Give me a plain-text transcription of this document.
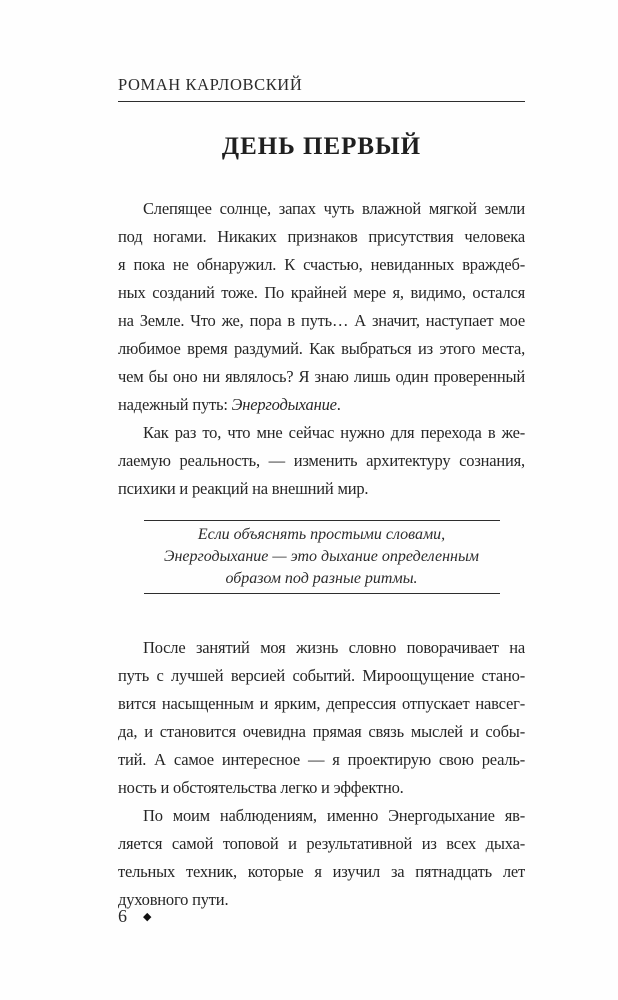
РОМАН КАРЛОВСКИЙ
ДЕНЬ ПЕРВЫЙ
Слепящее солнце, запах чуть влажной мягкой земли
под ногами. Никаких признаков присутствия человека
я пока не обнаружил. К счастью, невиданных враждеб-
ных созданий тоже. По крайней мере я, видимо, остался
на Земле. Что же, пора в путь… А значит, наступает мое
любимое время раздумий. Как выбраться из этого места,
чем бы оно ни являлось? Я знаю лишь один проверенный
надежный путь: Энергодыхание.
Как раз то, что мне сейчас нужно для перехода в же-
лаемую реальность, — изменить архитектуру сознания,
психики и реакций на внешний мир.
Если объяснять простыми словами,
Энергодыхание — это дыхание определенным
образом под разные ритмы.
После занятий моя жизнь словно поворачивает на
путь с лучшей версией событий. Мироощущение стано-
вится насыщенным и ярким, депрессия отпускает навсег-
да, и становится очевидна прямая связь мыслей и собы-
тий. А самое интересное — я проектирую свою реаль-
ность и обстоятельства легко и эффектно.
По моим наблюдениям, именно Энергодыхание яв-
ляется самой топовой и результативной из всех дыха-
тельных техник, которые я изучил за пятнадцать лет
духовного пути.
6 ◆
